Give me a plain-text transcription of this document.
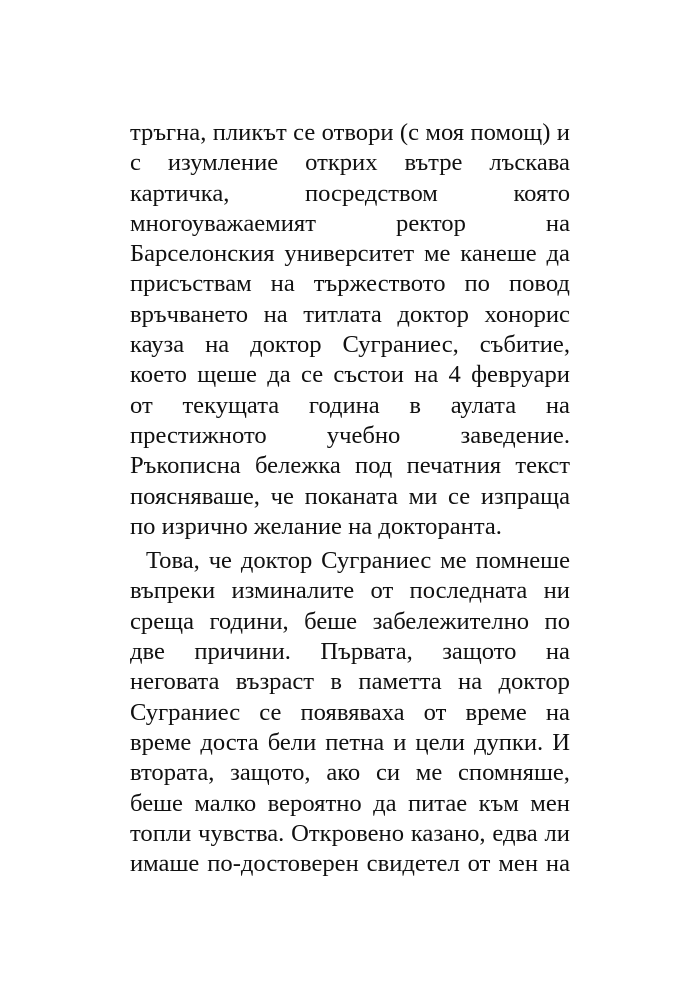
тръгна, пликът се отвори (с моя помощ) и
с изумление открих вътре лъскава
картичка,	посредством	която
многоуважаемият	ректор	на
Барселонския университет ме канеше да
присъствам на тържеството по повод
връчването на титлата доктор хонорис
кауза на доктор Суграниес, събитие,
което щеше да се състои на 4 февруари
от текущата година в аулата на
престижното учебно заведение.
Ръкописна бележка под печатния текст
поясняваше, че поканата ми се изпраща
по изрично желание на докторанта.
Това, че доктор Суграниес ме помнеше
въпреки изминалите от последната ни
среща години, беше забележително по
две причини. Първата, защото на
неговата възраст в паметта на доктор
Суграниес се появяваха от време на
време доста бели петна и цели дупки. И
втората, защото, ако си ме спомняше,
беше малко вероятно да питае към мен
топли чувства. Откровено казано, едва ли
имаше по-достоверен свидетел от мен на
